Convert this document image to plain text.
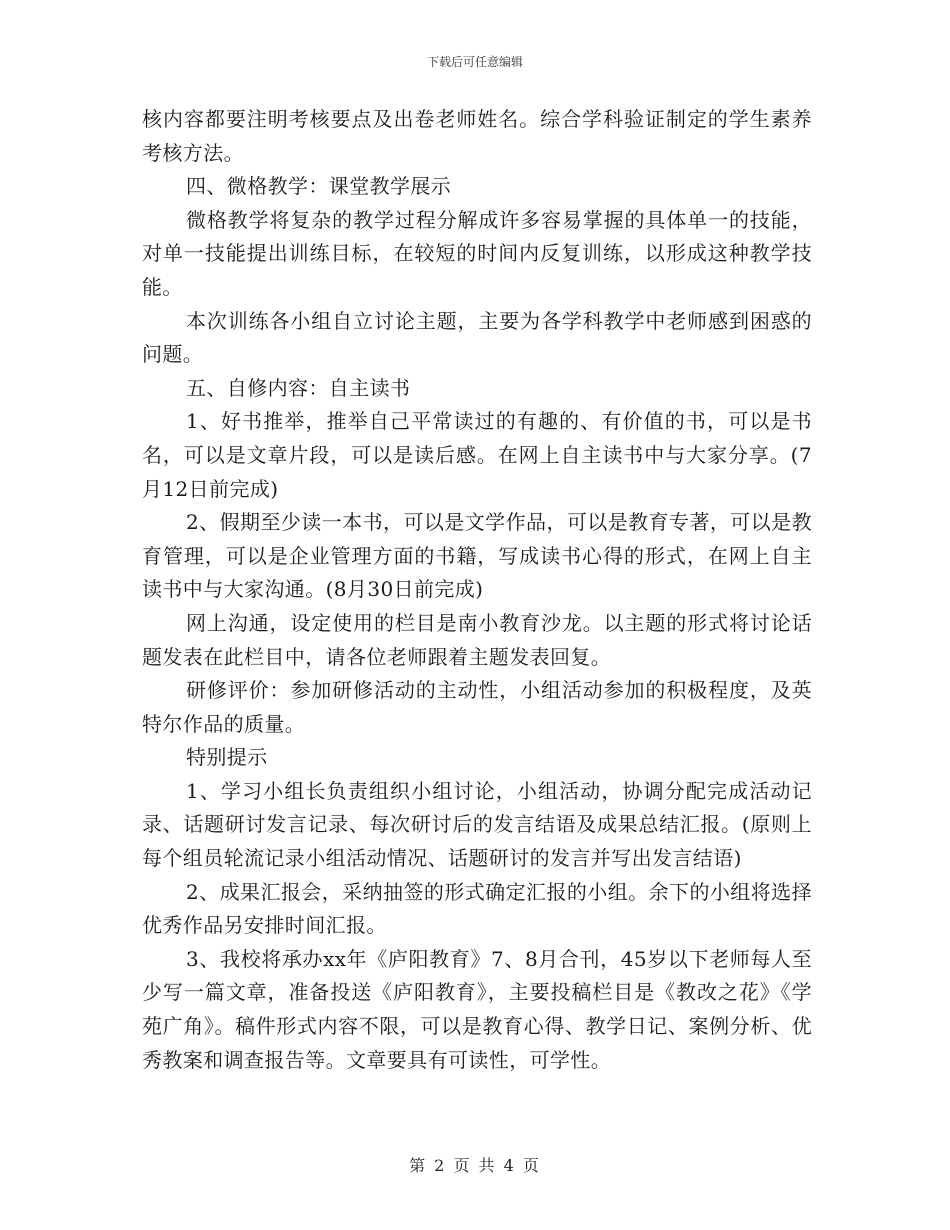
下载后可任意编辑

核内容都要注明考核要点及出卷老师姓名。综合学科验证制定的学生素养考核方法。

四、微格教学：课堂教学展示

微格教学将复杂的教学过程分解成许多容易掌握的具体单一的技能，对单一技能提出训练目标，在较短的时间内反复训练，以形成这种教学技能。

本次训练各小组自立讨论主题，主要为各学科教学中老师感到困惑的问题。

五、自修内容：自主读书

1、好书推举，推举自己平常读过的有趣的、有价值的书，可以是书名，可以是文章片段，可以是读后感。在网上自主读书中与大家分享。(7月12日前完成)

2、假期至少读一本书，可以是文学作品，可以是教育专著，可以是教育管理，可以是企业管理方面的书籍，写成读书心得的形式，在网上自主读书中与大家沟通。(8月30日前完成)

网上沟通，设定使用的栏目是南小教育沙龙。以主题的形式将讨论话题发表在此栏目中，请各位老师跟着主题发表回复。

研修评价：参加研修活动的主动性，小组活动参加的积极程度，及英特尔作品的质量。

特别提示

1、学习小组长负责组织小组讨论，小组活动，协调分配完成活动记录、话题研讨发言记录、每次研讨后的发言结语及成果总结汇报。(原则上每个组员轮流记录小组活动情况、话题研讨的发言并写出发言结语)

2、成果汇报会，采纳抽签的形式确定汇报的小组。余下的小组将选择优秀作品另安排时间汇报。

3、我校将承办xx年《庐阳教育》7、8月合刊，45岁以下老师每人至少写一篇文章，准备投送《庐阳教育》，主要投稿栏目是《教改之花》《学苑广角》。稿件形式内容不限，可以是教育心得、教学日记、案例分析、优秀教案和调查报告等。文章要具有可读性，可学性。

第 2 页 共 4 页
